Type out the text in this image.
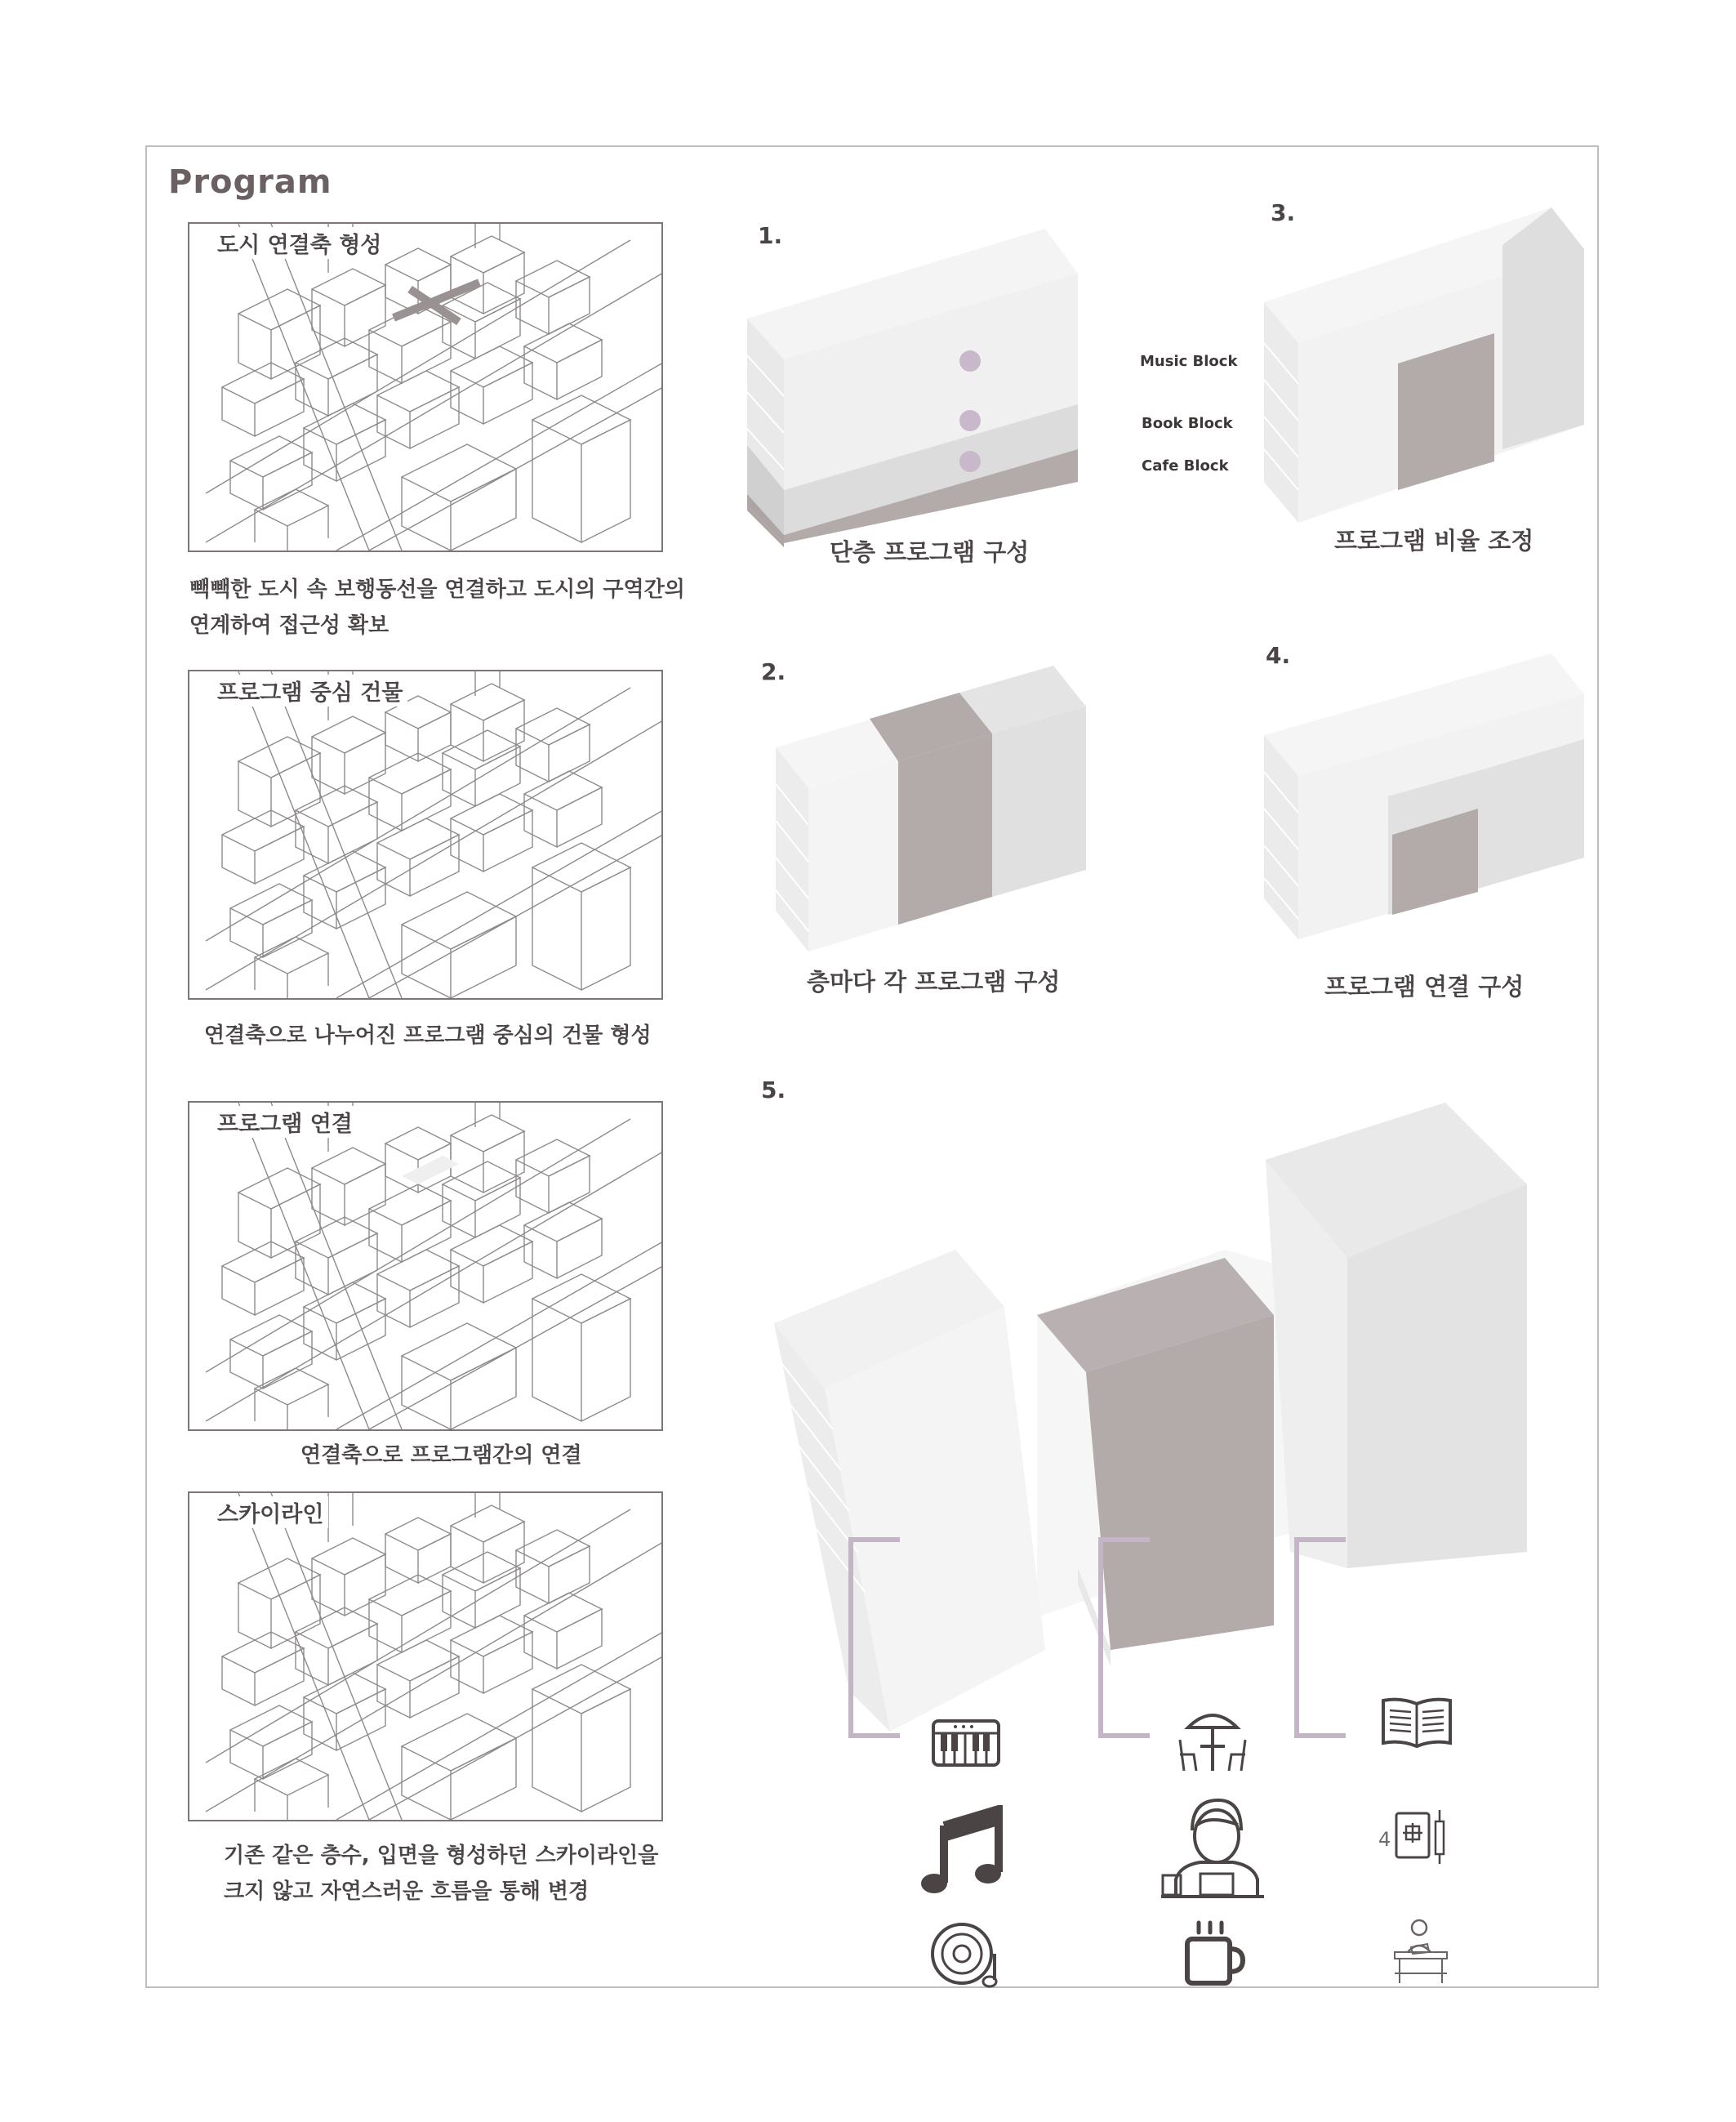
Program
도시 연결축 형성
빽빽한 도시 속 보행동선을 연결하고 도시의 구역간의
연계하여 접근성 확보
프로그램 중심 건물
연결축으로 나누어진 프로그램 중심의 건물 형성
프로그램 연결
연결축으로 프로그램간의 연결
스카이라인
기존 같은 층수, 입면을 형성하던 스카이라인을
크지 않고 자연스러운 흐름을 통해 변경
1.
단층 프로그램 구성
Music Block
Book Block
Cafe Block
3.
프로그램 비율 조정
2.
층마다 각 프로그램 구성
4.
프로그램 연결 구성
5.
4
